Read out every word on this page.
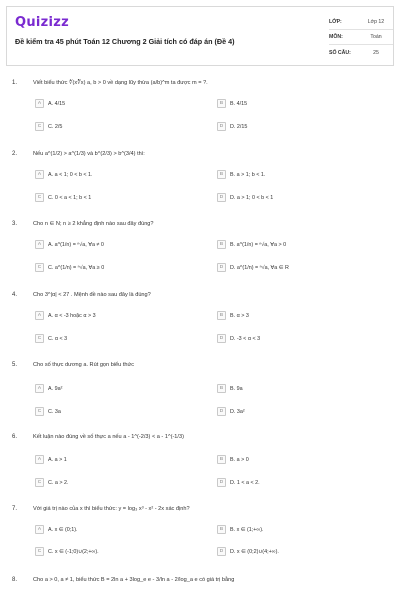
Quizizz
Đề kiểm tra 45 phút Toán 12 Chương 2 Giải tích có đáp án (Đề 4)
LỚP:	Lớp 12
MÔN:	Toán
SỐ CÂU:	25
1.	Viết biểu thức ∜(x∛x) a, b > 0 về dạng lũy thừa (a/b)^m ta được m = ?.
A	A. 4/15	B	B. 4/15
C	C. 2/5	D	D. 2/15
2.	Nếu a^(1/2) > a^(1/3) và b^(2/3) > b^(3/4) thì:
A	A. a < 1; 0 < b < 1.	B	B. a > 1; b < 1.
C	C. 0 < a < 1; b < 1	D	D. a > 1; 0 < b < 1
3.	Cho n ∈ N; n ≥ 2 khẳng định nào sau đây đúng?
A	A. a^(1/n) = ⁿ√a, ∀a ≠ 0	B	B. a^(1/n) = ⁿ√a, ∀a > 0
C	C. a^(1/n) = ⁿ√a, ∀a ≥ 0	D	D. a^(1/n) = ⁿ√a, ∀a ∈ R
4.	Cho 3^|α| < 27 . Mệnh đề nào sau đây là đúng?
A	A. α < -3 hoặc α > 3	B	B. α > 3
C	C. α < 3	D	D. -3 < α < 3
5.	Cho số thực dương a. Rút gọn biểu thức
A	A. 9a²	B	B. 9a
C	C. 3a	D	D. 3a²
6.	Kết luận nào đúng về số thực a nếu a - 1^(-2/3) < a - 1^(-1/3)
A	A. a > 1	B	B. a > 0
C	C. a > 2.	D	D. 1 < a < 2.
7.	Với giá trị nào của x thì biểu thức: y = log₃ x³ - x² - 2x xác định?
A	A. x ∈ (0;1).	B	B. x ∈ (1;+∞).
C	C. x ∈ (-1;0)∪(2;+∞).	D	D. x ∈ (0;2)∪(4;+∞).
8.	Cho a > 0, a ≠ 1, biểu thức B = 2ln a + 3log_e e - 3/ln a - 2/log_a e có giá trị bằng
